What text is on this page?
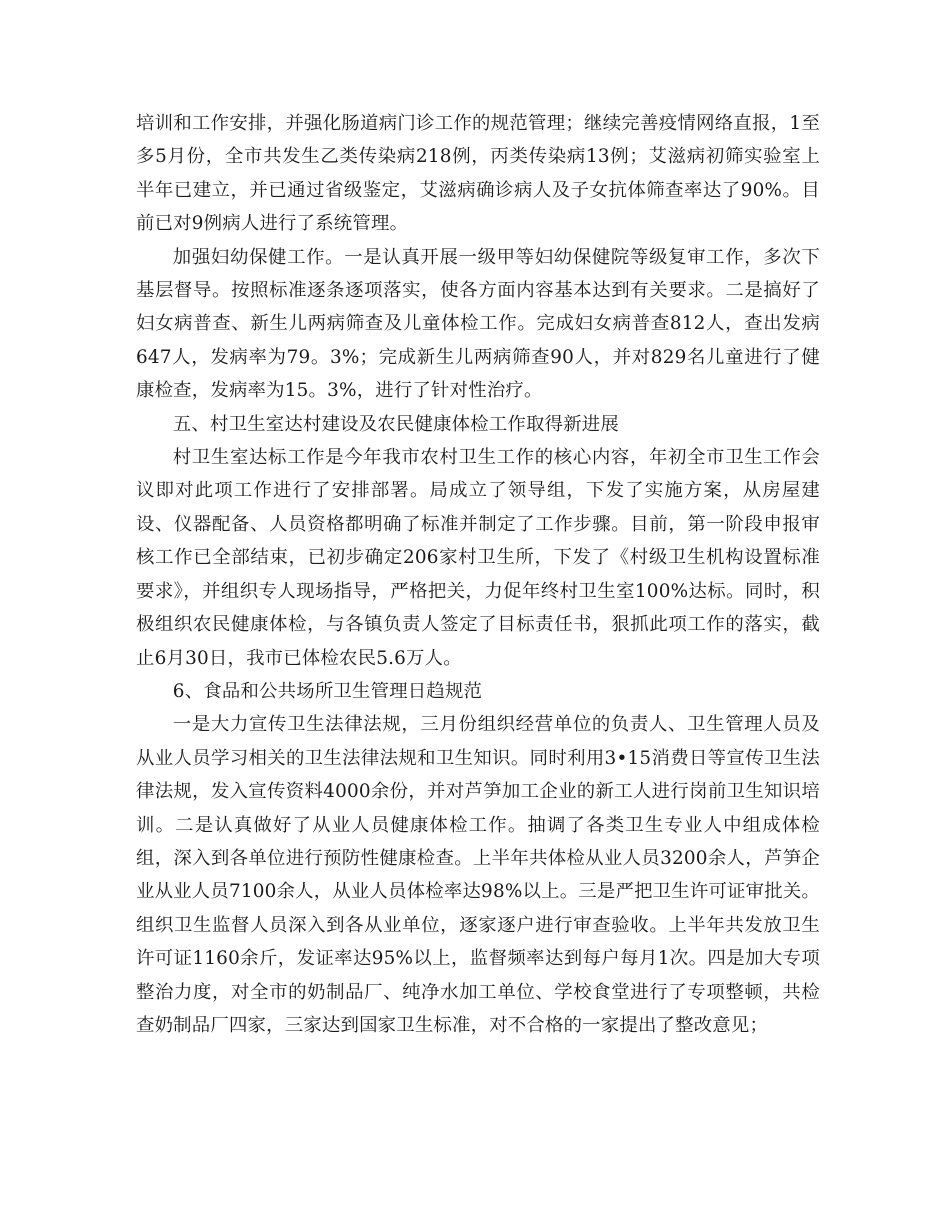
培训和工作安排，并强化肠道病门诊工作的规范管理；继续完善疫情网络直报，1至多5月份，全市共发生乙类传染病218例，丙类传染病13例；艾滋病初筛实验室上半年已建立，并已通过省级鉴定，艾滋病确诊病人及子女抗体筛查率达了90%。目前已对9例病人进行了系统管理。

加强妇幼保健工作。一是认真开展一级甲等妇幼保健院等级复审工作，多次下基层督导。按照标准逐条逐项落实，使各方面内容基本达到有关要求。二是搞好了妇女病普查、新生儿两病筛查及儿童体检工作。完成妇女病普查812人，查出发病647人，发病率为79。3%；完成新生儿两病筛查90人，并对829名儿童进行了健康检查，发病率为15。3%，进行了针对性治疗。

五、村卫生室达村建设及农民健康体检工作取得新进展

村卫生室达标工作是今年我市农村卫生工作的核心内容，年初全市卫生工作会议即对此项工作进行了安排部署。局成立了领导组，下发了实施方案，从房屋建设、仪器配备、人员资格都明确了标准并制定了工作步骤。目前，第一阶段申报审核工作已全部结束，已初步确定206家村卫生所，下发了《村级卫生机构设置标准要求》，并组织专人现场指导，严格把关，力促年终村卫生室100%达标。同时，积极组织农民健康体检，与各镇负责人签定了目标责任书，狠抓此项工作的落实，截止6月30日，我市已体检农民5.6万人。

6、食品和公共场所卫生管理日趋规范

一是大力宣传卫生法律法规，三月份组织经营单位的负责人、卫生管理人员及从业人员学习相关的卫生法律法规和卫生知识。同时利用3•15消费日等宣传卫生法律法规，发入宣传资料4000余份，并对芦笋加工企业的新工人进行岗前卫生知识培训。二是认真做好了从业人员健康体检工作。抽调了各类卫生专业人中组成体检组，深入到各单位进行预防性健康检查。上半年共体检从业人员3200余人，芦笋企业从业人员7100余人，从业人员体检率达98%以上。三是严把卫生许可证审批关。组织卫生监督人员深入到各从业单位，逐家逐户进行审查验收。上半年共发放卫生许可证1160余斤，发证率达95%以上，监督频率达到每户每月1次。四是加大专项整治力度，对全市的奶制品厂、纯净水加工单位、学校食堂进行了专项整顿，共检查奶制品厂四家，三家达到国家卫生标准，对不合格的一家提出了整改意见；
